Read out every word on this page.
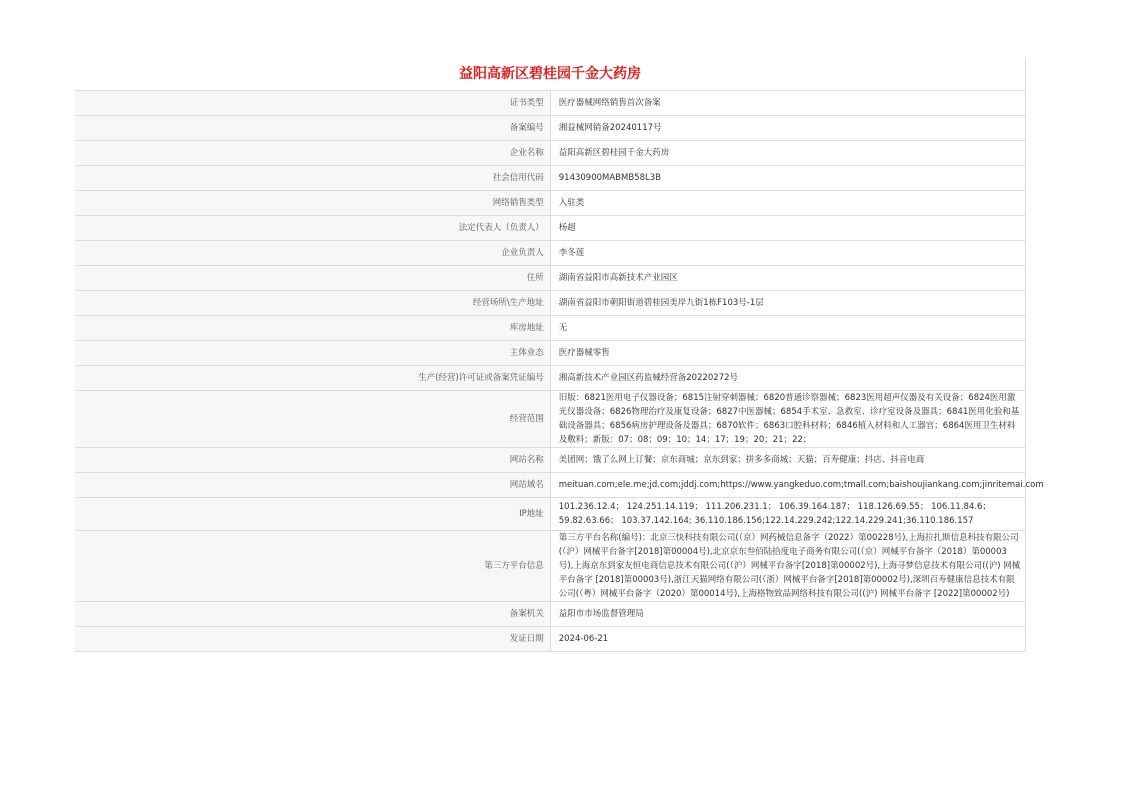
益阳高新区碧桂园千金大药房	
证书类型	医疗器械网络销售首次备案
备案编号	湘益械网销备20240117号
企业名称	益阳高新区碧桂园千金大药房
社会信用代码	91430900MABMB58L3B
网络销售类型	入驻类
法定代表人（负责人）	杨超
企业负责人	李冬莲
住所	湖南省益阳市高新技术产业园区
经营场所\生产地址	湖南省益阳市朝阳街道碧桂园美岸九街1栋F103号-1层
库房地址	无
主体业态	医疗器械零售
生产(经营)许可证或备案凭证编号	湘高新技术产业园区药监械经营备20220272号
经营范围	旧版：6821医用电子仪器设备；6815注射穿刺器械；6820普通诊察器械；6823医用超声仪器及有关设备；6824医用激光仪器设备；6826物理治疗及康复设备；6827中医器械；6854手术室、急救室、诊疗室设备及器具；6841医用化验和基础设备器具；6856病房护理设备及器具；6870软件；6863口腔科材料；6846植入材料和人工器官；6864医用卫生材料及敷料；新版：07；08；09；10；14；17；19；20；21；22；
网站名称	美团网；饿了么网上订餐；京东商城；京东到家；拼多多商城；天猫；百寿健康；抖店、抖音电商
网站域名	meituan.com;ele.me;jd.com;jddj.com;https://www.yangkeduo.com;tmall.com;baishoujiankang.com;jinritemai.com
IP地址	101.236.12.4； 124.251.14.119； 111.206.231.1； 106.39.164.187； 118.126.69.55； 106.11.84.6； 59.82.63.66； 103.37.142.164; 36.110.186.156;122.14.229.242;122.14.229.241;36.110.186.157
第三方平台信息	第三方平台名称(编号)：北京三快科技有限公司(（京）网药械信息备字（2022）第00228号),上海拉扎斯信息科技有限公司(（沪）网械平台备字[2018]第00004号),北京京东叁佰陆拾度电子商务有限公司(（京）网械平台备字（2018）第00003号),上海京东到家友恒电商信息技术有限公司(（沪）网械平台备字[2018]第00002号),上海寻梦信息技术有限公司((沪) 网械平台备字 [2018]第00003号),浙江天猫网络有限公司(（浙）网械平台备字[2018]第00002号),深圳百寿健康信息技术有限公司(（粤）网械平台备字（2020）第00014号),上海格物致品网络科技有限公司((沪) 网械平台备字 [2022]第00002号)
备案机关	益阳市市场监督管理局
发证日期	2024-06-21
